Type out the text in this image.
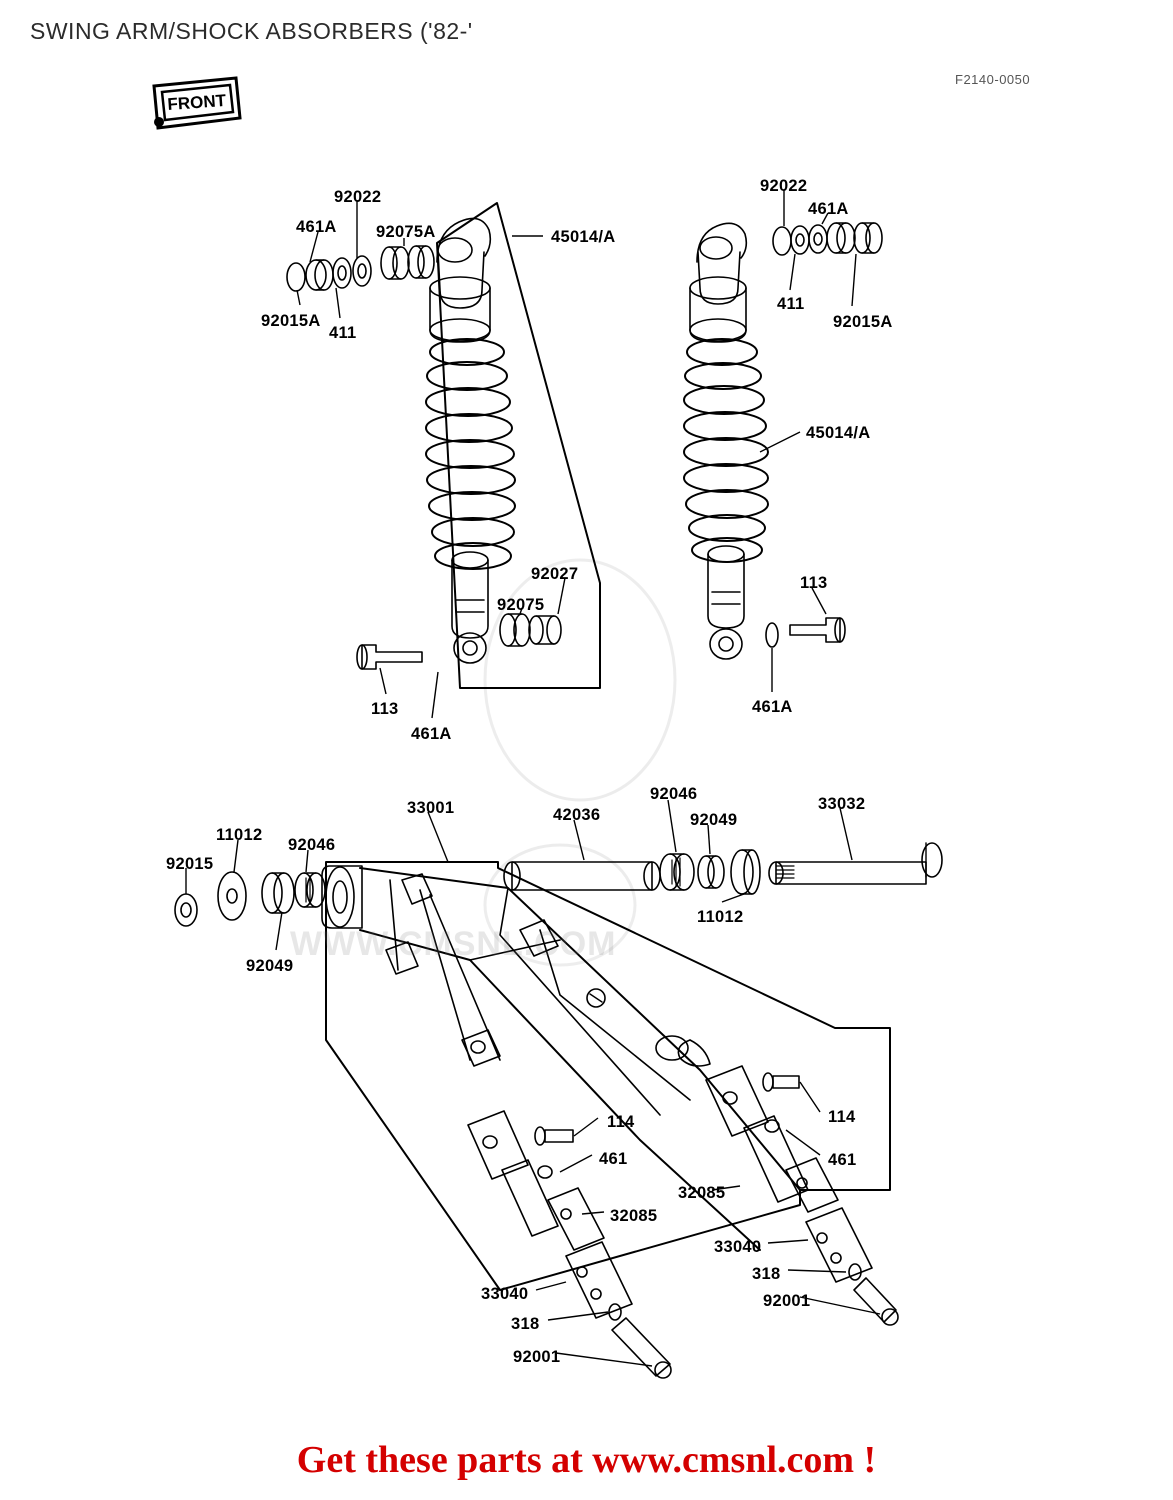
SWING ARM/SHOCK ABSORBERS ('82-'
F2140-0050
FRONT
WWW.CMSNL.COM
92022
461A 92075A	45014/A
92015A
411
92027
92075
113
461A
92022
461A
411
92015A
45014/A
113
461A
33001	42036
92046
92049
33032
11012
92046
92015
92049
11012
114
461
114
461
32085
32085
33040
318
92001
33040
318
92001
Get these parts at www.cmsnl.com !
